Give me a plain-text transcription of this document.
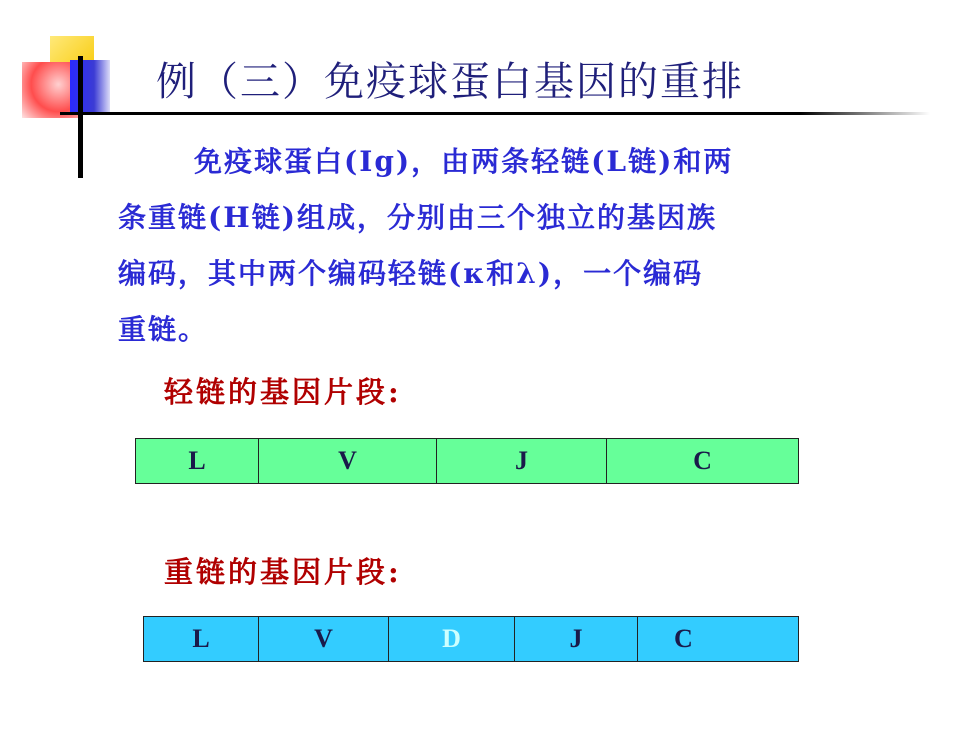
例（三）免疫球蛋白基因的重排
免疫球蛋白(Ig)，由两条轻链(L链)和两
条重链(H链)组成，分别由三个独立的基因族
编码，其中两个编码轻链(κ和λ)，一个编码
重链。
轻链的基因片段:
L	V	J	C
重链的基因片段:
L	V	D	J	C
